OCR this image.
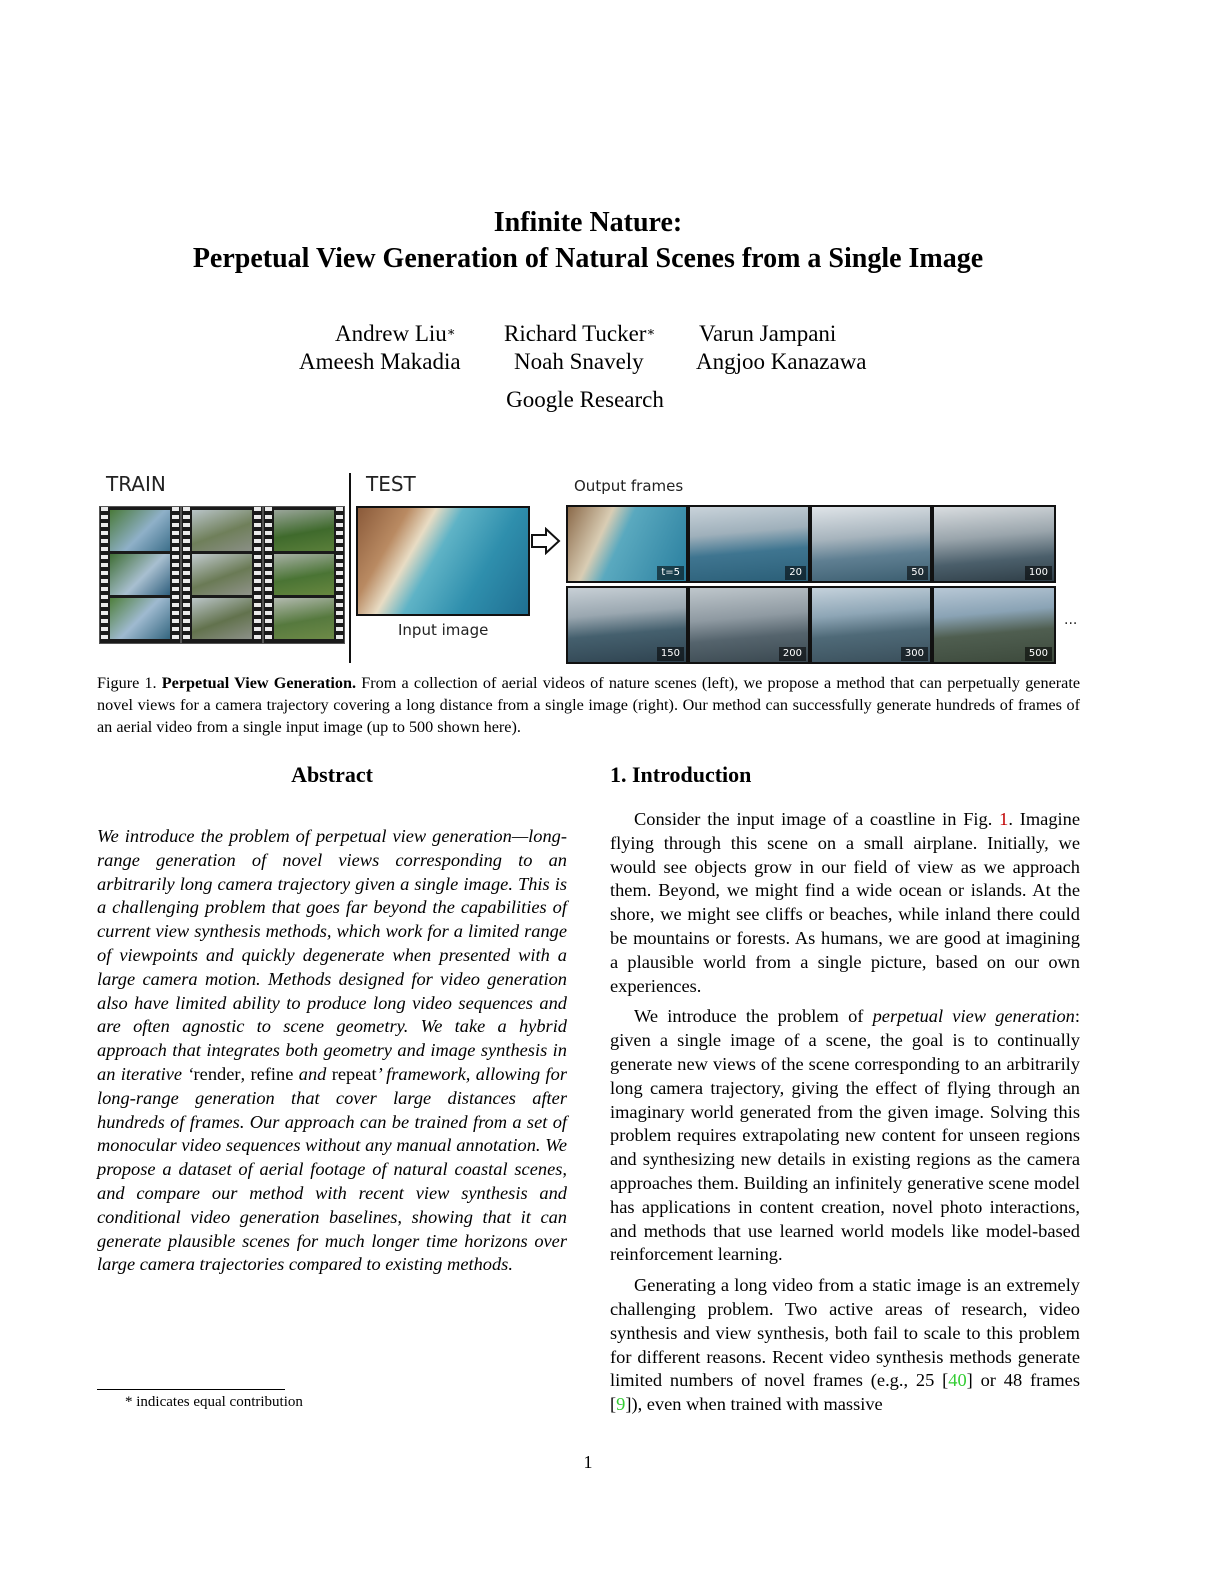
Infinite Nature:
Perpetual View Generation of Natural Scenes from a Single Image
Andrew Liu∗ Richard Tucker∗ Varun Jampani
Ameesh Makadia Noah Snavely Angjoo Kanazawa
Google Research
TRAIN	TEST	Output frames
Input image
t=5	20	50	100
150	200	300	500
...
Figure 1. Perpetual View Generation. From a collection of aerial videos of nature scenes (left), we propose a method that can perpetually generate novel views for a camera trajectory covering a long distance from a single image (right). Our method can successfully generate hundreds of frames of an aerial video from a single input image (up to 500 shown here).
Abstract
We introduce the problem of perpetual view generation—long-range generation of novel views corresponding to an arbitrarily long camera trajectory given a single image. This is a challenging problem that goes far beyond the capabilities of current view synthesis methods, which work for a limited range of viewpoints and quickly degenerate when presented with a large camera motion. Methods designed for video generation also have limited ability to produce long video sequences and are often agnostic to scene geometry. We take a hybrid approach that integrates both geometry and image synthesis in an iterative ‘render, refine and repeat’ framework, allowing for long-range generation that cover large distances after hundreds of frames. Our approach can be trained from a set of monocular video sequences without any manual annotation. We propose a dataset of aerial footage of natural coastal scenes, and compare our method with recent view synthesis and conditional video generation baselines, showing that it can generate plausible scenes for much longer time horizons over large camera trajectories compared to existing methods.
1. Introduction

Consider the input image of a coastline in Fig. 1. Imagine flying through this scene on a small airplane. Initially, we would see objects grow in our field of view as we approach them. Beyond, we might find a wide ocean or islands. At the shore, we might see cliffs or beaches, while inland there could be mountains or forests. As humans, we are good at imagining a plausible world from a single picture, based on our own experiences.

We introduce the problem of perpetual view generation: given a single image of a scene, the goal is to continually generate new views of the scene corresponding to an arbitrarily long camera trajectory, giving the effect of flying through an imaginary world generated from the given image. Solving this problem requires extrapolating new content for unseen regions and synthesizing new details in existing regions as the camera approaches them. Building an infinitely generative scene model has applications in content creation, novel photo interactions, and methods that use learned world models like model-based reinforcement learning.

Generating a long video from a static image is an extremely challenging problem. Two active areas of research, video synthesis and view synthesis, both fail to scale to this problem for different reasons. Recent video synthesis methods generate limited numbers of novel frames (e.g., 25 [40] or 48 frames [9]), even when trained with massive

* indicates equal contribution
1
